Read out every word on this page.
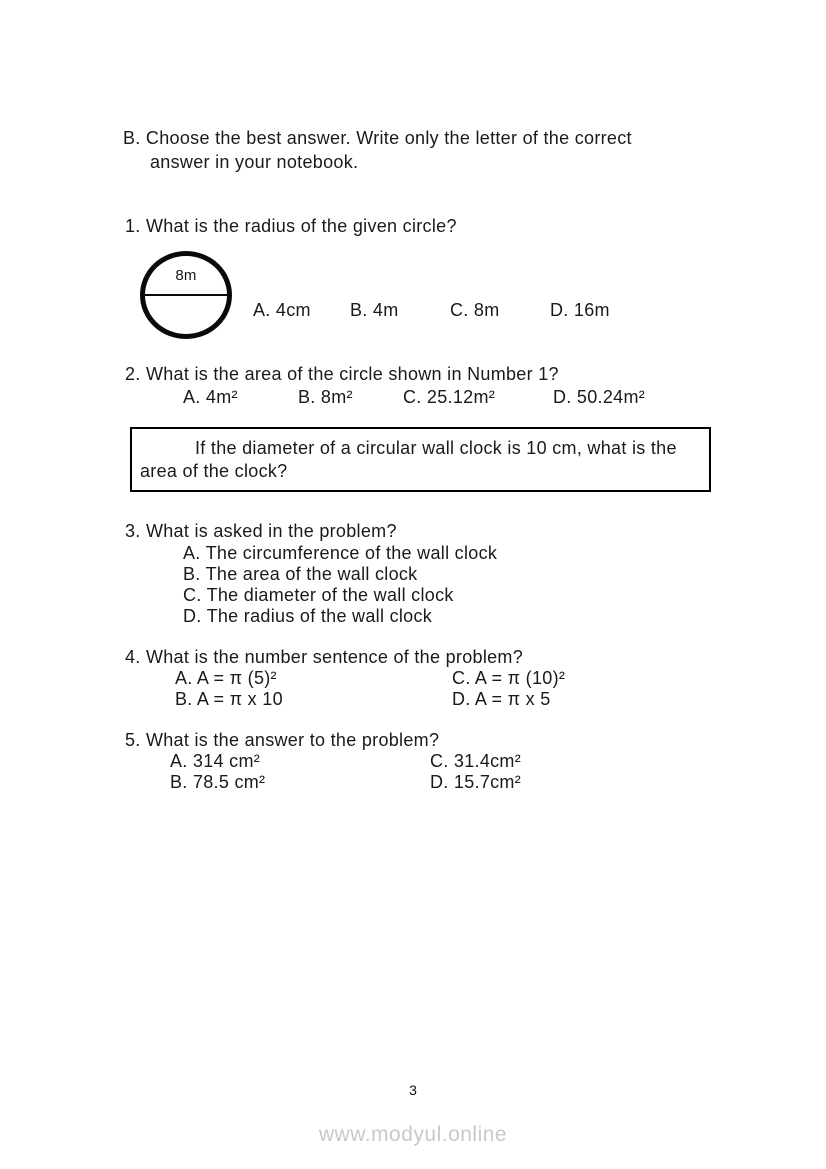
B. Choose the best answer. Write only the letter of the correct answer in your notebook.
1. What is the radius of the given circle?
8m
A. 4cm B. 4m	C. 8m	D. 16m
2. What is the area of the circle shown in Number 1?
A. 4m²	B. 8m²	C. 25.12m²	D. 50.24m²

If the diameter of a circular wall clock is 10 cm, what is the area of the clock?

3. What is asked in the problem?
A. The circumference of the wall clock
B. The area of the wall clock
C. The diameter of the wall clock
D. The radius of the wall clock
4. What is the number sentence of the problem?
A. A = π (5)²	C. A = π (10)²
B. A = π x 10	D. A = π x 5
5. What is the answer to the problem?
A. 314 cm²	C. 31.4cm²
B. 78.5 cm²	D. 15.7cm²
3
www.modyul.online
